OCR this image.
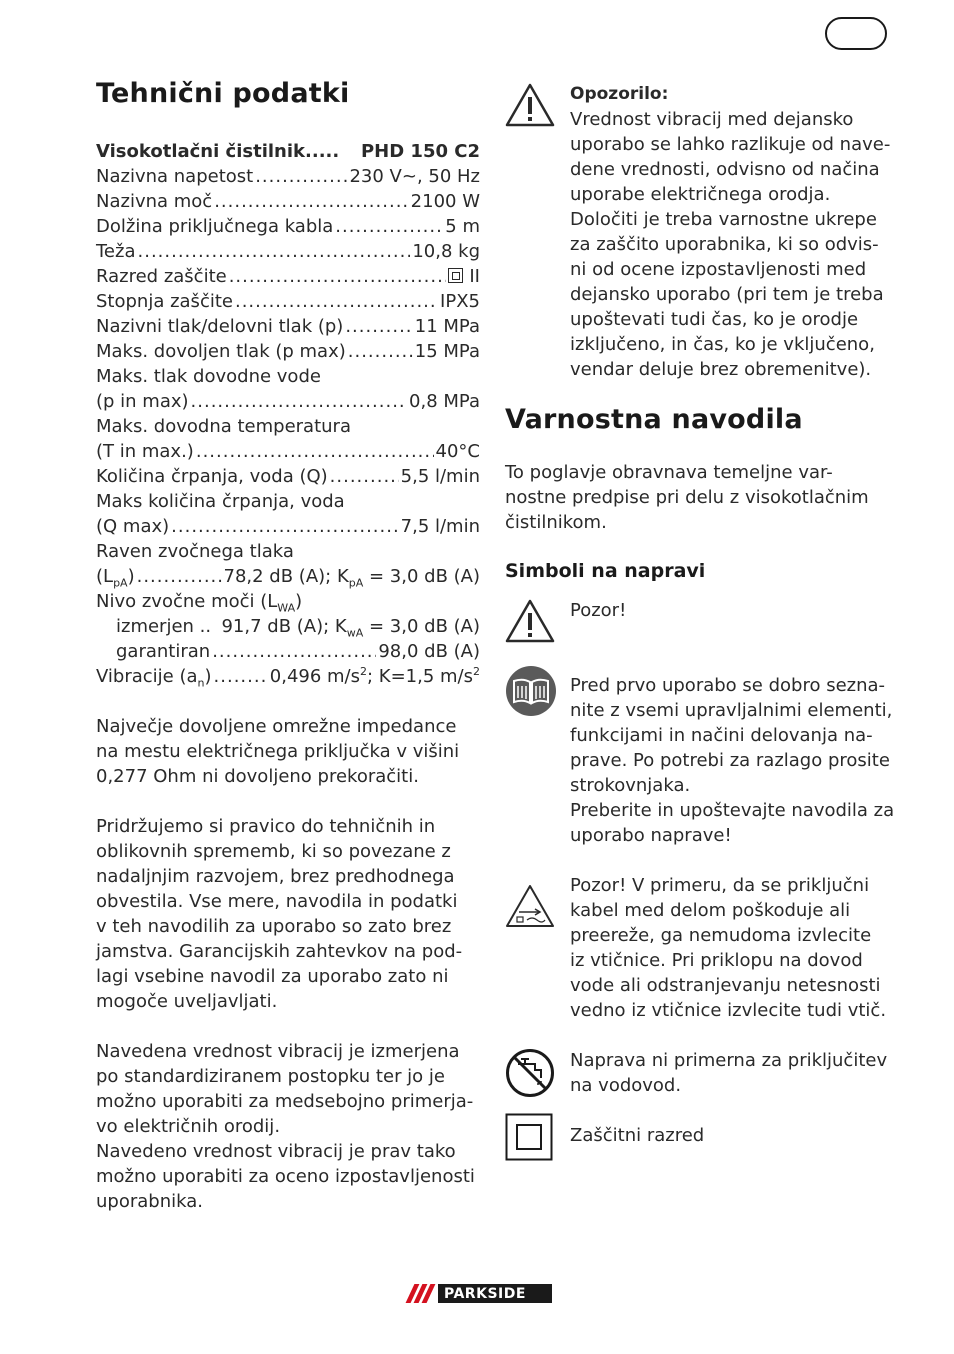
Tehnični podatki
Visokotlačni čistilnik..... PHD 150 C2
Nazivna napetost .....	230 V~, 50 Hz
Nazivna moč .....	2100 W
Dolžina priključnega kabla .....	5 m
Teža .....	10,8 kg
Razred zaščite .....	II
Stopnja zaščite .....	IPX5
Nazivni tlak/delovni tlak (p) .....	11 MPa
Maks. dovoljen tlak (p max) .....	15 MPa
Maks. tlak dovodne vode
(p in max) .....	0,8 MPa
Maks. dovodna temperatura
(T in max.) .....	40°C
Količina črpanja, voda (Q) .....	5,5 l/min
Maks količina črpanja, voda
(Q max) .....	7,5 l/min
Raven zvočnega tlaka
$(L_{pA})$ .....	78,2 dB (A); $K_{pA} = 3,0$ dB (A)
Nivo zvočne moči $(L_{WA})$
izmerjen .. 91,7 dB (A); $K_{wA} = 3,0$ dB (A)
garantiran .....	98,0 dB (A)
Vibracije $(a_n)$ .....	0,496 $m/s^2$; K=1,5 $m/s^2$
Največje dovoljene omrežne impedance
na mestu električnega priključka v višini
0,277 Ohm ni dovoljeno prekoračiti.
Pridržujemo si pravico do tehničnih in
oblikovnih sprememb, ki so povezane z
nadaljnjim razvojem, brez predhodnega
obvestila. Vse mere, navodila in podatki
v teh navodilih za uporabo so zato brez
jamstva. Garancijskih zahtevkov na pod-
lagi vsebine navodil za uporabo zato ni
mogoče uveljavljati.
Navedena vrednost vibracij je izmerjena
po standardiziranem postopku ter jo je
možno uporabiti za medsebojno primerja-
vo električnih orodij.
Navedeno vrednost vibracij je prav tako
možno uporabiti za oceno izpostavljenosti
uporabnika.
Opozorilo:
Vrednost vibracij med dejansko
uporabo se lahko razlikuje od nave-
dene vrednosti, odvisno od načina
uporabe električnega orodja.
Določiti je treba varnostne ukrepe
za zaščito uporabnika, ki so odvis-
ni od ocene izpostavljenosti med
dejansko uporabo (pri tem je treba
upoštevati tudi čas, ko je orodje
izključeno, in čas, ko je vključeno,
vendar deluje brez obremenitve).
Varnostna navodila
To poglavje obravnava temeljne var-
nostne predpise pri delu z visokotlačnim
čistilnikom.
Simboli na napravi
Pozor!
Pred prvo uporabo se dobro sezna-
nite z vsemi upravljalnimi elementi,
funkcijami in načini delovanja na-
prave. Po potrebi za razlago prosite
strokovnjaka.
Preberite in upoštevajte navodila za
uporabo naprave!
Pozor! V primeru, da se priključni
kabel med delom poškoduje ali
preereže, ga nemudoma izvlecite
iz vtičnice. Pri priklopu na dovod
vode ali odstranjevanju netesnosti
vedno iz vtičnice izvlecite tudi vtič.
Naprava ni primerna za priključitev
na vodovod.
Zaščitni razred
PARKSIDE
